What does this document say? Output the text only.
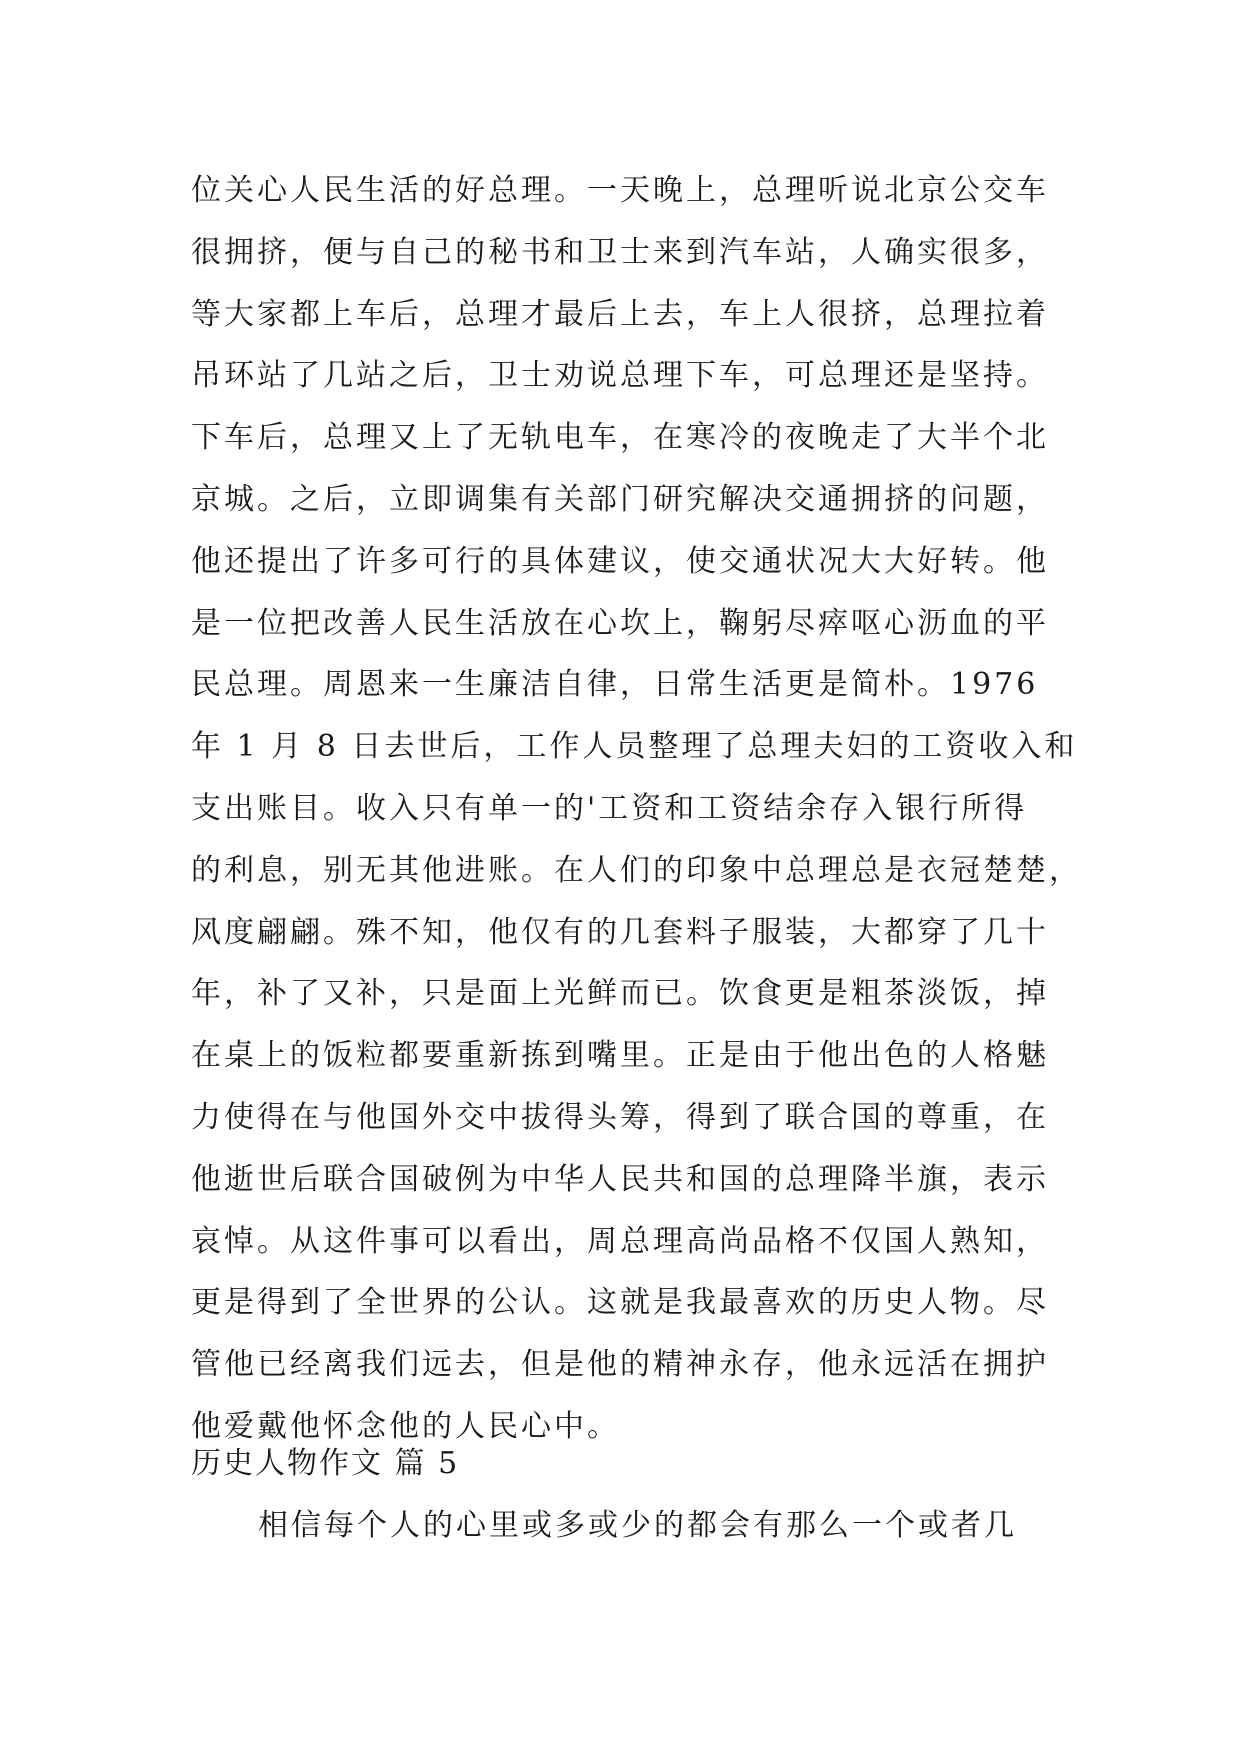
位关心人民生活的好总理。一天晚上，总理听说北京公交车
很拥挤，便与自己的秘书和卫士来到汽车站，人确实很多，
等大家都上车后，总理才最后上去，车上人很挤，总理拉着
吊环站了几站之后，卫士劝说总理下车，可总理还是坚持。
下车后，总理又上了无轨电车，在寒冷的夜晚走了大半个北
京城。之后，立即调集有关部门研究解决交通拥挤的问题，
他还提出了许多可行的具体建议，使交通状况大大好转。他
是一位把改善人民生活放在心坎上，鞠躬尽瘁呕心沥血的平
民总理。周恩来一生廉洁自律，日常生活更是简朴。1976
年 1 月 8 日去世后，工作人员整理了总理夫妇的工资收入和
支出账目。收入只有单一的'工资和工资结余存入银行所得
的利息，别无其他进账。在人们的印象中总理总是衣冠楚楚，
风度翩翩。殊不知，他仅有的几套料子服装，大都穿了几十
年，补了又补，只是面上光鲜而已。饮食更是粗茶淡饭，掉
在桌上的饭粒都要重新拣到嘴里。正是由于他出色的人格魅
力使得在与他国外交中拔得头筹，得到了联合国的尊重，在
他逝世后联合国破例为中华人民共和国的总理降半旗，表示
哀悼。从这件事可以看出，周总理高尚品格不仅国人熟知，
更是得到了全世界的公认。这就是我最喜欢的历史人物。尽
管他已经离我们远去，但是他的精神永存，他永远活在拥护
他爱戴他怀念他的人民心中。
历史人物作文 篇 5
相信每个人的心里或多或少的都会有那么一个或者几
